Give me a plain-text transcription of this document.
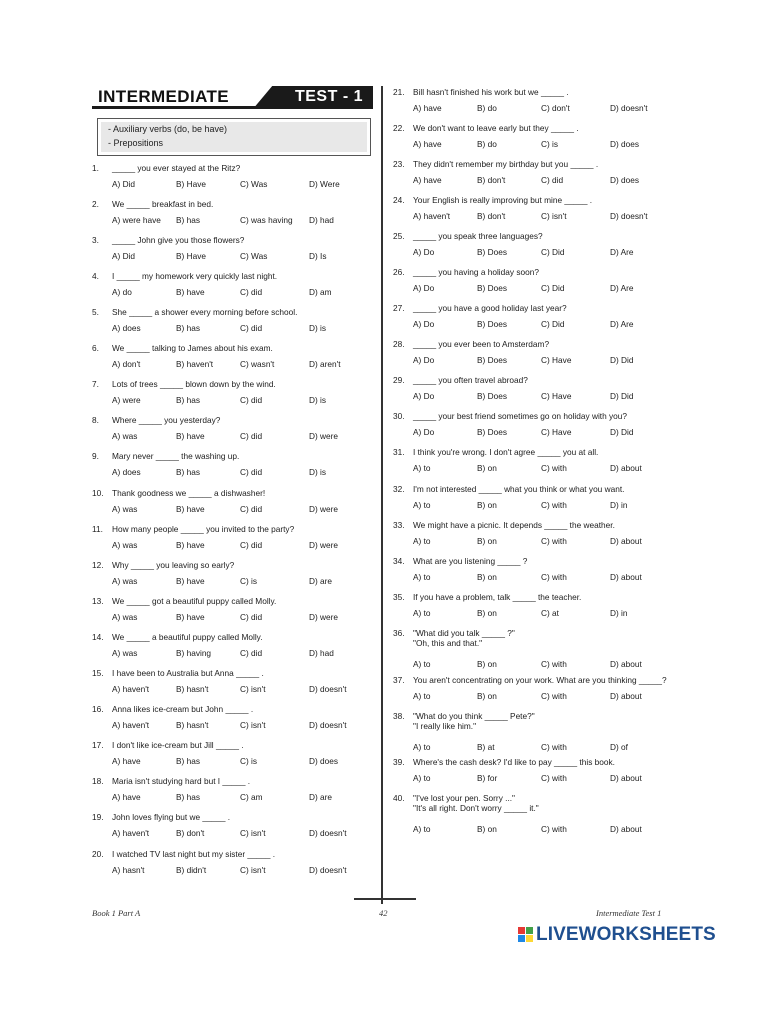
INTERMEDIATE	TEST - 1
- Auxiliary verbs (do, be have)
- Prepositions
1. _____ you ever stayed at the Ritz?
A) Did	B) Have	C) Was	D) Were
2. We _____ breakfast in bed.
A) were have B) has	C) was having D) had
3. _____ John give you those flowers?
A) Did	B) Have	C) Was	D) Is
4. I _____ my homework very quickly last night.
A) do	B) have	C) did	D) am
5. She _____ a shower every morning before school.
A) does	B) has	C) did	D) is
6. We _____ talking to James about his exam.
A) don't	B) haven't	C) wasn't	D) aren't
7. Lots of trees _____ blown down by the wind.
A) were	B) has	C) did	D) is
8. Where _____ you yesterday?
A) was	B) have	C) did	D) were
9. Mary never _____ the washing up.
A) does	B) has	C) did	D) is
10. Thank goodness we _____ a dishwasher!
A) was	B) have	C) did	D) were
11. How many people _____ you invited to the party?
A) was	B) have	C) did	D) were
12. Why _____ you leaving so early?
A) was	B) have	C) is	D) are
13. We _____ got a beautiful puppy called Molly.
A) was	B) have	C) did	D) were
14. We _____ a beautiful puppy called Molly.
A) was	B) having	C) did	D) had
15. I have been to Australia but Anna _____ .
A) haven't	B) hasn't	C) isn't	D) doesn't
16. Anna likes ice-cream but John _____ .
A) haven't	B) hasn't	C) isn't	D) doesn't
17. I don't like ice-cream but Jill _____ .
A) have	B) has	C) is	D) does
18. Maria isn't studying hard but I _____ .
A) have	B) has	C) am	D) are
19. John loves flying but we _____ .
A) haven't	B) don't	C) isn't	D) doesn't
20. I watched TV last night but my sister _____ .
A) hasn't	B) didn't	C) isn't	D) doesn't
21. Bill hasn't finished his work but we _____ .
A) have	B) do	C) don't	D) doesn't
22. We don't want to leave early but they _____ .
A) have	B) do	C) is	D) does
23. They didn't remember my birthday but you _____ .
A) have	B) don't	C) did	D) does
24. Your English is really improving but mine _____ .
A) haven't	B) don't	C) isn't	D) doesn't
25. _____ you speak three languages?
A) Do	B) Does	C) Did	D) Are
26. _____ you having a holiday soon?
A) Do	B) Does	C) Did	D) Are
27. _____ you have a good holiday last year?
A) Do	B) Does	C) Did	D) Are
28. _____ you ever been to Amsterdam?
A) Do	B) Does	C) Have	D) Did
29. _____ you often travel abroad?
A) Do	B) Does	C) Have	D) Did
30. _____ your best friend sometimes go on holiday with you?
A) Do	B) Does	C) Have	D) Did
31. I think you're wrong. I don't agree _____ you at all.
A) to	B) on	C) with	D) about
32. I'm not interested _____ what you think or what you want.
A) to	B) on	C) with	D) in
33. We might have a picnic. It depends _____ the weather.
A) to	B) on	C) with	D) about
34. What are you listening _____ ?
A) to	B) on	C) with	D) about
35. If you have a problem, talk _____ the teacher.
A) to	B) on	C) at	D) in
36. "What did you talk _____ ?"
"Oh, this and that."
A) to	B) on	C) with	D) about
37. You aren't concentrating on your work. What are you thinking _____?
A) to	B) on	C) with	D) about
38. "What do you think _____ Pete?"
"I really like him."
A) to	B) at	C) with	D) of
39. Where's the cash desk? I'd like to pay _____ this book.
A) to	B) for	C) with	D) about
40. "I've lost your pen. Sorry ..."
"It's all right. Don't worry _____ it."
A) to	B) on	C) with	D) about
Book 1 Part A	42	Intermediate Test 1
LIVEWORKSHEETS
